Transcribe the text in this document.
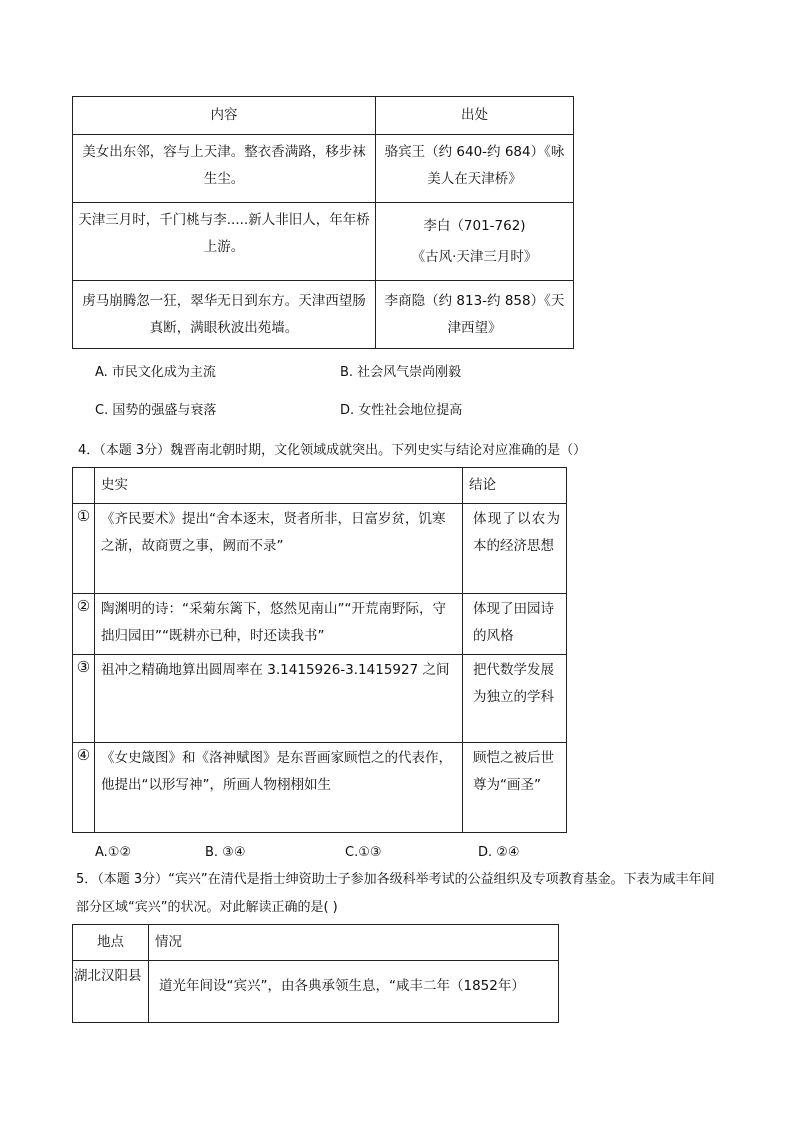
内容	出处
美女出东邻，容与上天津。整衣香满路，移步袜生尘。	骆宾王（约 640-约 684）《咏美人在天津桥》
天津三月时，千门桃与李.....新人非旧人，年年桥上游。	李白（701-762)
《古风·天津三月时》

虏马崩腾忽一狂，翠华无日到东方。天津西望肠真断，满眼秋波出苑墙。	李商隐（约 813-约 858）《天津西望》
A. 市民文化成为主流	B. 社会风气崇尚刚毅
C. 国势的强盛与衰落	D. 女性社会地位提高
4．（本题 3分）魏晋南北朝时期，文化领域成就突出。下列史实与结论对应准确的是（）
	史实	结论
①	《齐民要术》提出“舍本逐末，贤者所非，日富岁贫，饥寒之渐，故商贾之事，阙而不录”	体现了以农为本的经济思想
②	陶渊明的诗：“采菊东篱下，悠然见南山”“开荒南野际，守拙归园田”“既耕亦已种，时还读我书”	体现了田园诗的风格
③	祖冲之精确地算出圆周率在 3.1415926-3.1415927 之间	把代数学发展为独立的学科
④	《女史箴图》和《洛神赋图》是东晋画家顾恺之的代表作，他提出“以形写神”，所画人物栩栩如生	顾恺之被后世尊为“画圣”
A.①②	B. ③④	C.①③	D. ②④
5．（本题 3分）“宾兴”在清代是指士绅资助士子参加各级科举考试的公益组织及专项教育基金。下表为咸丰年间部分区域“宾兴”的状况。对此解读正确的是( )
地点	情况
湖北汉阳县	道光年间设“宾兴”，由各典承领生息，“咸丰二年（1852年）
